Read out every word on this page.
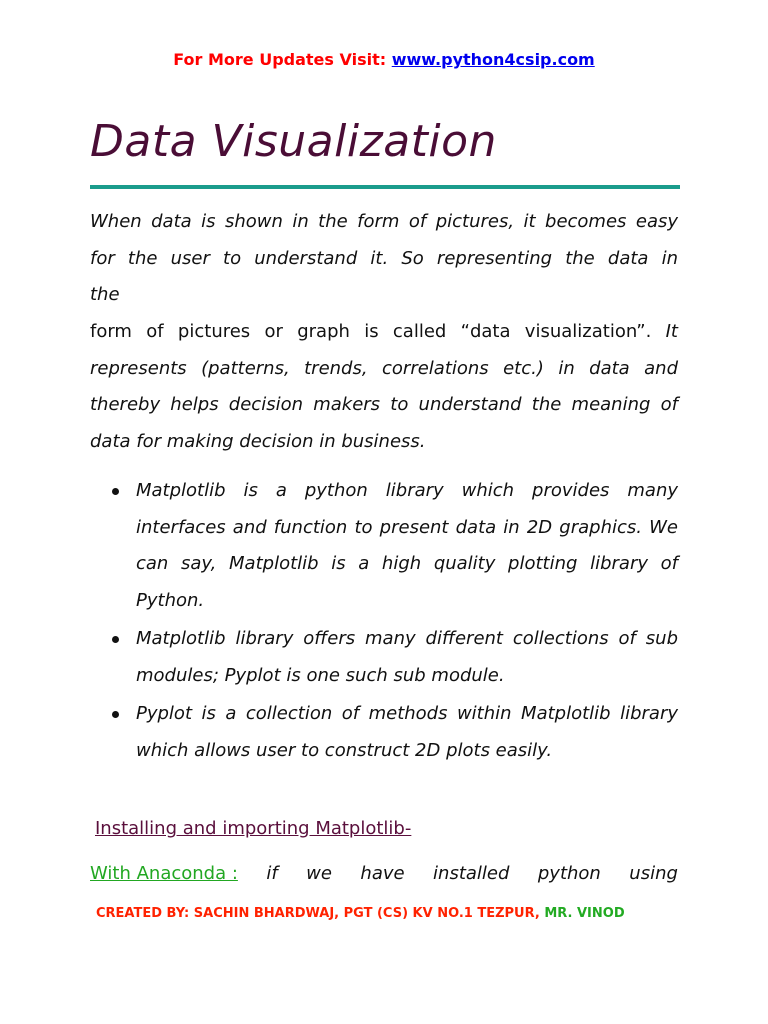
For More Updates Visit: www.python4csip.com
Data Visualization
When data is shown in the form of pictures, it becomes easy
for the user to understand it. So representing the data in
the
form of pictures or graph is called “data visualization”. It represents (patterns, trends, correlations etc.) in data and thereby helps decision makers to understand the meaning of data for making decision in business.
Matplotlib is a python library which provides many interfaces and function to present data in 2D graphics. We can say, Matplotlib is a high quality plotting library of Python.
Matplotlib library offers many different collections of sub modules; Pyplot is one such sub module.
Pyplot is a collection of methods within Matplotlib library which allows user to construct 2D plots easily.
Installing and importing Matplotlib-
With Anaconda : if we have installed python using
CREATED BY: SACHIN BHARDWAJ, PGT (CS) KV NO.1 TEZPUR, MR. VINOD
